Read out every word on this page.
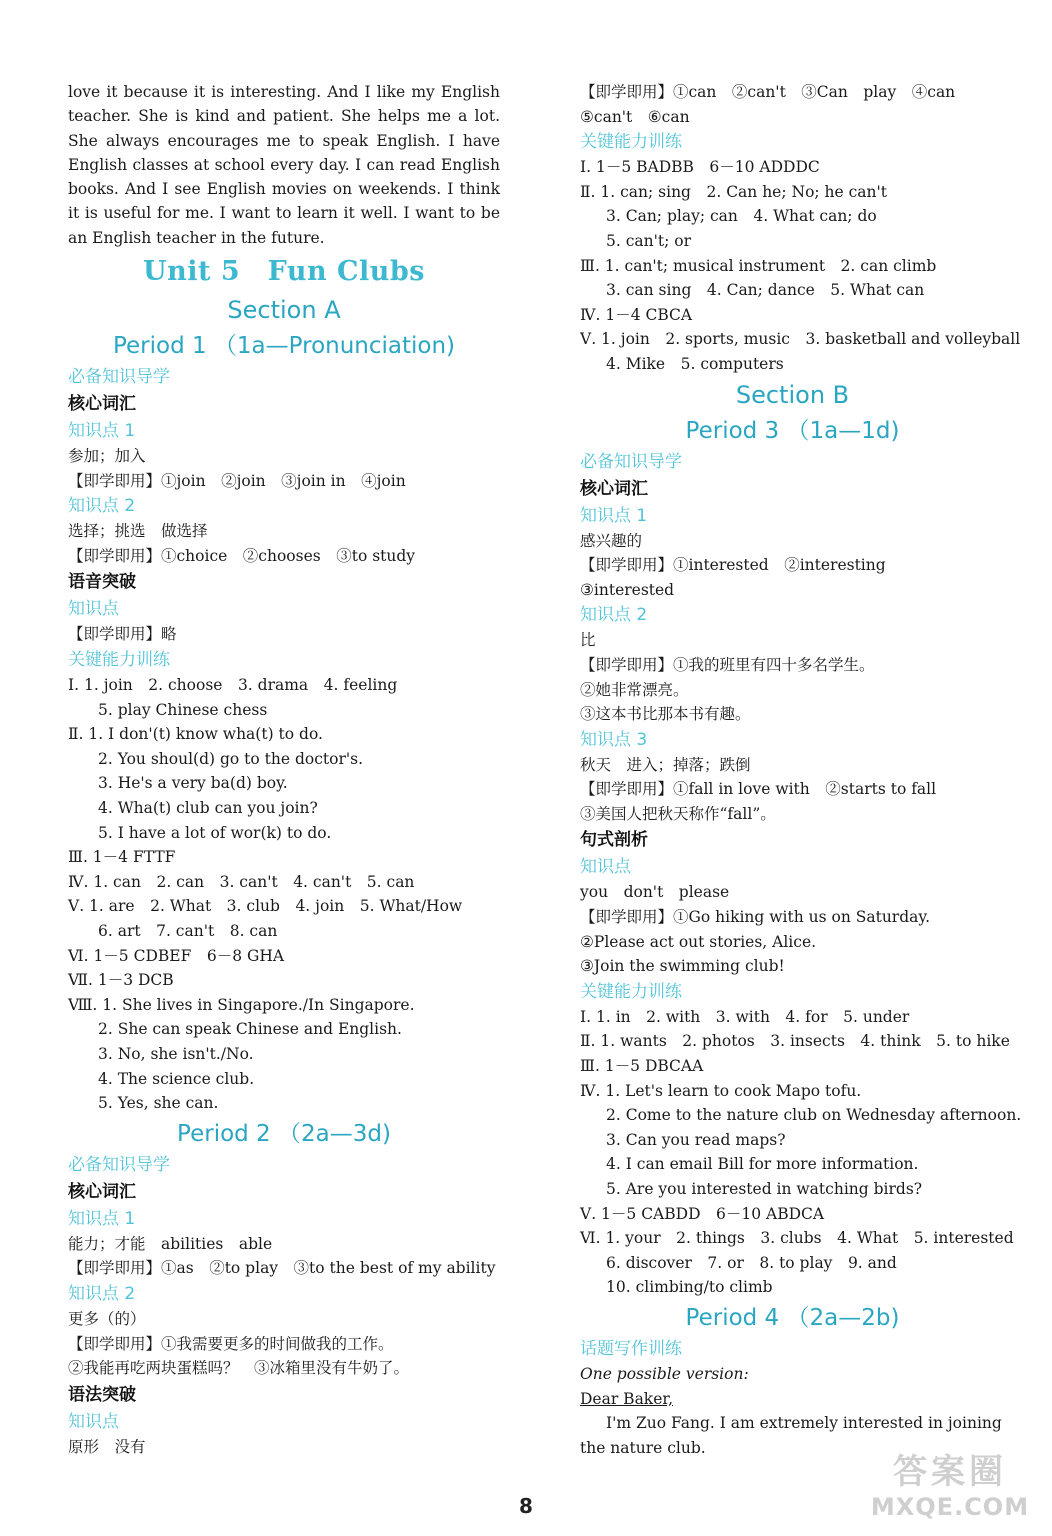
love it because it is interesting. And I like my English teacher. She is kind and patient. She helps me a lot. She always encourages me to speak English. I have English classes at school every day. I can read English books. And I see English movies on weekends. I think it is useful for me. I want to learn it well. I want to be an English teacher in the future.
Unit 5　Fun Clubs
Section A
Period 1 （1a—Pronunciation)
必备知识导学
核心词汇
知识点 1
参加；加入
【即学即用】①join　②join　③join in　④join
知识点 2
选择；挑选　做选择
【即学即用】①choice　②chooses　③to study
语音突破
知识点
【即学即用】略
关键能力训练
Ⅰ. 1. join　2. choose　3. drama　4. feeling
5. play Chinese chess
Ⅱ. 1. I don'(t) know wha(t) to do.
2. You shoul(d) go to the doctor's.
3. He's a very ba(d) boy.
4. Wha(t) club can you join?
5. I have a lot of wor(k) to do.
Ⅲ. 1－4 FTTF
Ⅳ. 1. can　2. can　3. can't　4. can't　5. can
Ⅴ. 1. are　2. What　3. club　4. join　5. What/How
6. art　7. can't　8. can
Ⅵ. 1－5 CDBEF　6－8 GHA
Ⅶ. 1－3 DCB
Ⅷ. 1. She lives in Singapore./In Singapore.
2. She can speak Chinese and English.
3. No, she isn't./No.
4. The science club.
5. Yes, she can.
Period 2 （2a—3d)
必备知识导学
核心词汇
知识点 1
能力；才能　abilities　able
【即学即用】①as　②to play　③to the best of my ability
知识点 2
更多（的）
【即学即用】①我需要更多的时间做我的工作。
②我能再吃两块蛋糕吗？　③冰箱里没有牛奶了。
语法突破
知识点
原形　没有
【即学即用】①can　②can't　③Can　play　④can
⑤can't　⑥can
关键能力训练
Ⅰ. 1－5 BADBB　6－10 ADDDC
Ⅱ. 1. can; sing　2. Can he; No; he can't
3. Can; play; can　4. What can; do
5. can't; or
Ⅲ. 1. can't; musical instrument　2. can climb
3. can sing　4. Can; dance　5. What can
Ⅳ. 1－4 CBCA
Ⅴ. 1. join　2. sports, music　3. basketball and volleyball
4. Mike　5. computers
Section B
Period 3 （1a—1d)
必备知识导学
核心词汇
知识点 1
感兴趣的
【即学即用】①interested　②interesting
③interested
知识点 2
比
【即学即用】①我的班里有四十多名学生。
②她非常漂亮。
③这本书比那本书有趣。
知识点 3
秋天　进入；掉落；跌倒
【即学即用】①fall in love with　②starts to fall
③美国人把秋天称作“fall”。
句式剖析
知识点
you　don't　please
【即学即用】①Go hiking with us on Saturday.
②Please act out stories, Alice.
③Join the swimming club!
关键能力训练
Ⅰ. 1. in　2. with　3. with　4. for　5. under
Ⅱ. 1. wants　2. photos　3. insects　4. think　5. to hike
Ⅲ. 1－5 DBCAA
Ⅳ. 1. Let's learn to cook Mapo tofu.
2. Come to the nature club on Wednesday afternoon.
3. Can you read maps?
4. I can email Bill for more information.
5. Are you interested in watching birds?
Ⅴ. 1－5 CABDD　6－10 ABDCA
Ⅵ. 1. your　2. things　3. clubs　4. What　5. interested
6. discover　7. or　8. to play　9. and
10. climbing/to climb
Period 4 （2a—2b)
话题写作训练
One possible version:
Dear Baker,
I'm Zuo Fang. I am extremely interested in joining
the nature club.
8
答案圈
MXQE.COM
